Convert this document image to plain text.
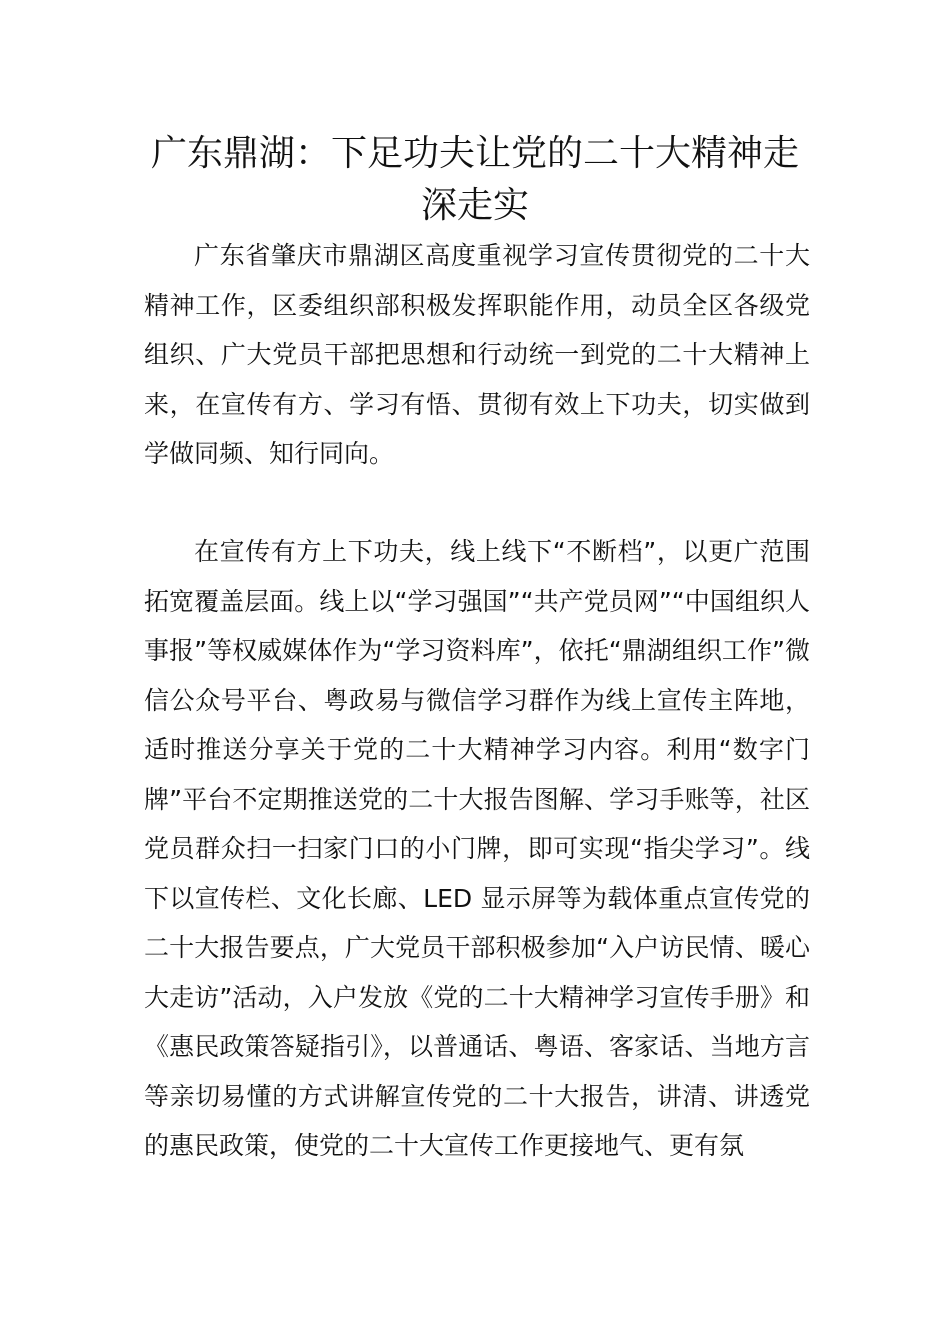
广东鼎湖：下足功夫让党的二十大精神走深走实

广东省肇庆市鼎湖区高度重视学习宣传贯彻党的二十大精神工作，区委组织部积极发挥职能作用，动员全区各级党组织、广大党员干部把思想和行动统一到党的二十大精神上来，在宣传有方、学习有悟、贯彻有效上下功夫，切实做到学做同频、知行同向。

在宣传有方上下功夫，线上线下“不断档”，以更广范围拓宽覆盖层面。线上以“学习强国”“共产党员网”“中国组织人事报”等权威媒体作为“学习资料库”，依托“鼎湖组织工作”微信公众号平台、粤政易与微信学习群作为线上宣传主阵地，适时推送分享关于党的二十大精神学习内容。利用“数字门牌”平台不定期推送党的二十大报告图解、学习手账等，社区党员群众扫一扫家门口的小门牌，即可实现“指尖学习”。线下以宣传栏、文化长廊、LED 显示屏等为载体重点宣传党的二十大报告要点，广大党员干部积极参加“入户访民情、暖心大走访”活动，入户发放《党的二十大精神学习宣传手册》和《惠民政策答疑指引》，以普通话、粤语、客家话、当地方言等亲切易懂的方式讲解宣传党的二十大报告，讲清、讲透党的惠民政策，使党的二十大宣传工作更接地气、更有氛
